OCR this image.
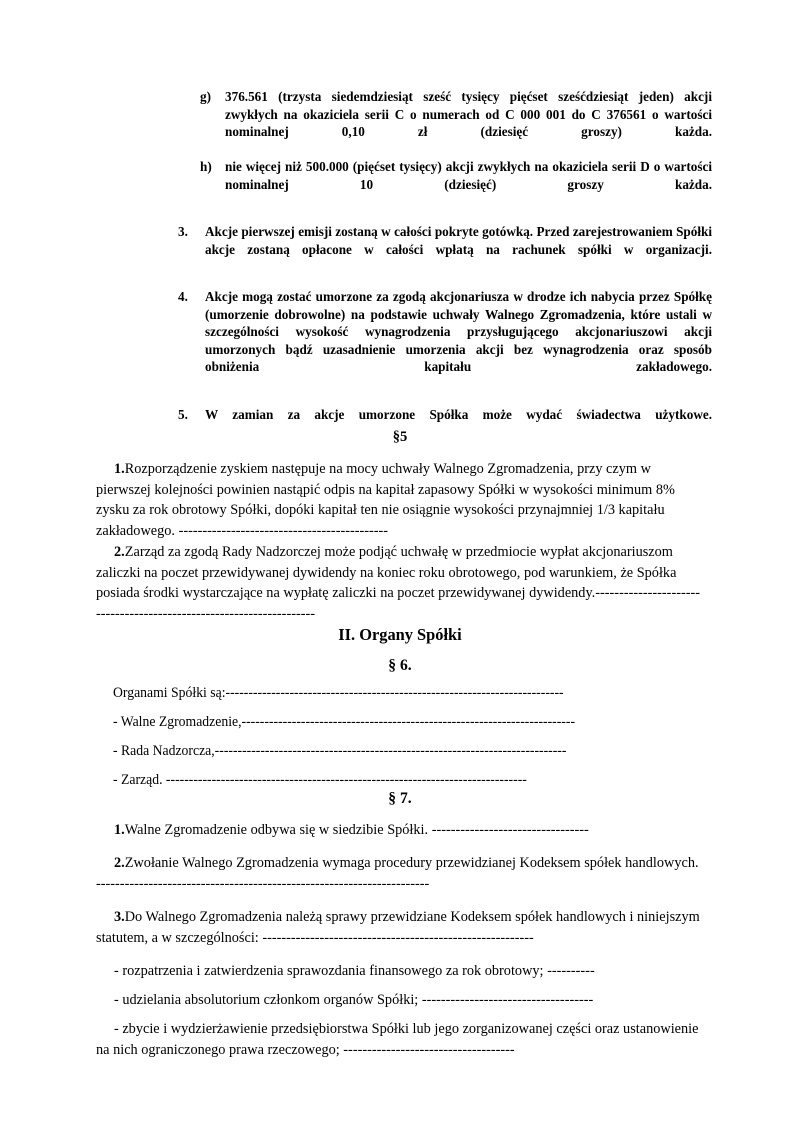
g) 376.561 (trzysta siedemdziesiąt sześć tysięcy pięćset sześćdziesiąt jeden) akcji zwykłych na okaziciela serii C o numerach od C 000 001 do C 376561 o wartości nominalnej 0,10 zł (dziesięć groszy) każda.

h) nie więcej niż 500.000 (pięćset tysięcy) akcji zwykłych na okaziciela serii D o wartości nominalnej 10 (dziesięć) groszy każda.

3. Akcje pierwszej emisji zostaną w całości pokryte gotówką. Przed zarejestrowaniem Spółki akcje zostaną opłacone w całości wpłatą na rachunek spółki w organizacji.

4. Akcje mogą zostać umorzone za zgodą akcjonariusza w drodze ich nabycia przez Spółkę (umorzenie dobrowolne) na podstawie uchwały Walnego Zgromadzenia, które ustali w szczególności wysokość wynagrodzenia przysługującego akcjonariuszowi akcji umorzonych bądź uzasadnienie umorzenia akcji bez wynagrodzenia oraz sposób obniżenia kapitału zakładowego.

5. W zamian za akcje umorzone Spółka może wydać świadectwa użytkowe.

§5
1.Rozporządzenie zyskiem następuje na mocy uchwały Walnego Zgromadzenia, przy czym w pierwszej kolejności powinien nastąpić odpis na kapitał zapasowy Spółki w wysokości minimum 8% zysku za rok obrotowy Spółki, dopóki kapitał ten nie osiągnie wysokości przynajmniej 1/3 kapitału zakładowego. --------------------------------------------
2.Zarząd za zgodą Rady Nadzorczej może podjąć uchwałę w przedmiocie wypłat akcjonariuszom zaliczki na poczet przewidywanej dywidendy na koniec roku obrotowego, pod warunkiem, że Spółka posiada środki wystarczające na wypłatę zaliczki na poczet przewidywanej dywidendy.--------------------------------------------------------------------
II. Organy Spółki
§ 6.
Organami Spółki są:--------------------------------------------------------------------------
- Walne Zgromadzenie,-------------------------------------------------------------------------
- Rada Nadzorcza,-----------------------------------------------------------------------------
- Zarząd. -------------------------------------------------------------------------------
§ 7.
1.Walne Zgromadzenie odbywa się w siedzibie Spółki. ---------------------------------
2.Zwołanie Walnego Zgromadzenia wymaga procedury przewidzianej Kodeksem spółek handlowych. ----------------------------------------------------------------------
3.Do Walnego Zgromadzenia należą sprawy przewidziane Kodeksem spółek handlowych i niniejszym statutem, a w szczególności: ---------------------------------------------------------
- rozpatrzenia i zatwierdzenia sprawozdania finansowego za rok obrotowy; ----------
- udzielania absolutorium członkom organów Spółki; ------------------------------------
- zbycie i wydzierżawienie przedsiębiorstwa Spółki lub jego zorganizowanej części oraz ustanowienie na nich ograniczonego prawa rzeczowego; ------------------------------------
